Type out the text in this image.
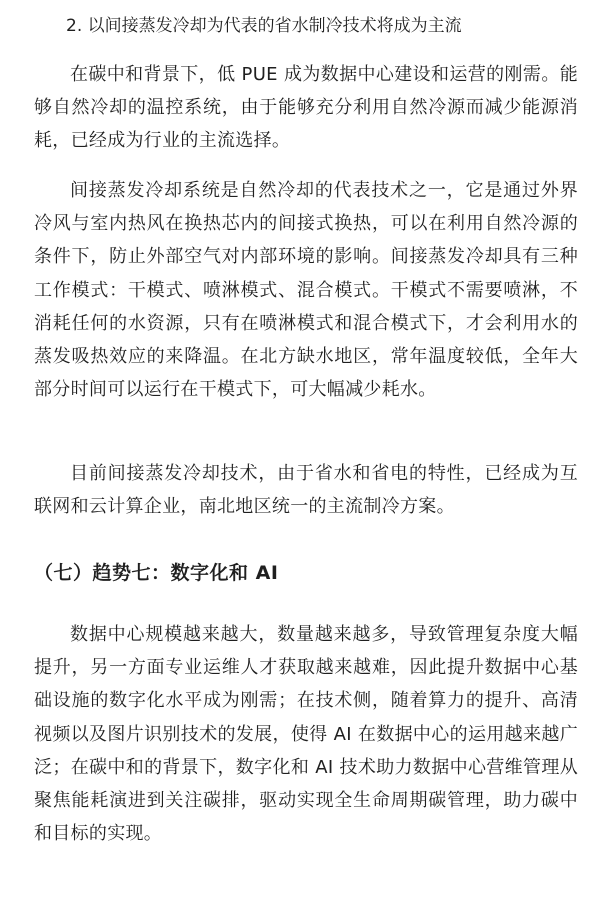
2. 以间接蒸发冷却为代表的省水制冷技术将成为主流

在碳中和背景下，低 PUE 成为数据中心建设和运营的刚需。能够自然冷却的温控系统，由于能够充分利用自然冷源而减少能源消耗，已经成为行业的主流选择。

间接蒸发冷却系统是自然冷却的代表技术之一，它是通过外界冷风与室内热风在换热芯内的间接式换热，可以在利用自然冷源的条件下，防止外部空气对内部环境的影响。间接蒸发冷却具有三种工作模式：干模式、喷淋模式、混合模式。干模式不需要喷淋，不消耗任何的水资源，只有在喷淋模式和混合模式下，才会利用水的蒸发吸热效应的来降温。在北方缺水地区，常年温度较低，全年大部分时间可以运行在干模式下，可大幅减少耗水。

目前间接蒸发冷却技术，由于省水和省电的特性，已经成为互联网和云计算企业，南北地区统一的主流制冷方案。

（七）趋势七：数字化和 AI

数据中心规模越来越大，数量越来越多，导致管理复杂度大幅提升，另一方面专业运维人才获取越来越难，因此提升数据中心基础设施的数字化水平成为刚需；在技术侧，随着算力的提升、高清视频以及图片识别技术的发展，使得 AI 在数据中心的运用越来越广泛；在碳中和的背景下，数字化和 AI 技术助力数据中心营维管理从聚焦能耗演进到关注碳排，驱动实现全生命周期碳管理，助力碳中和目标的实现。
